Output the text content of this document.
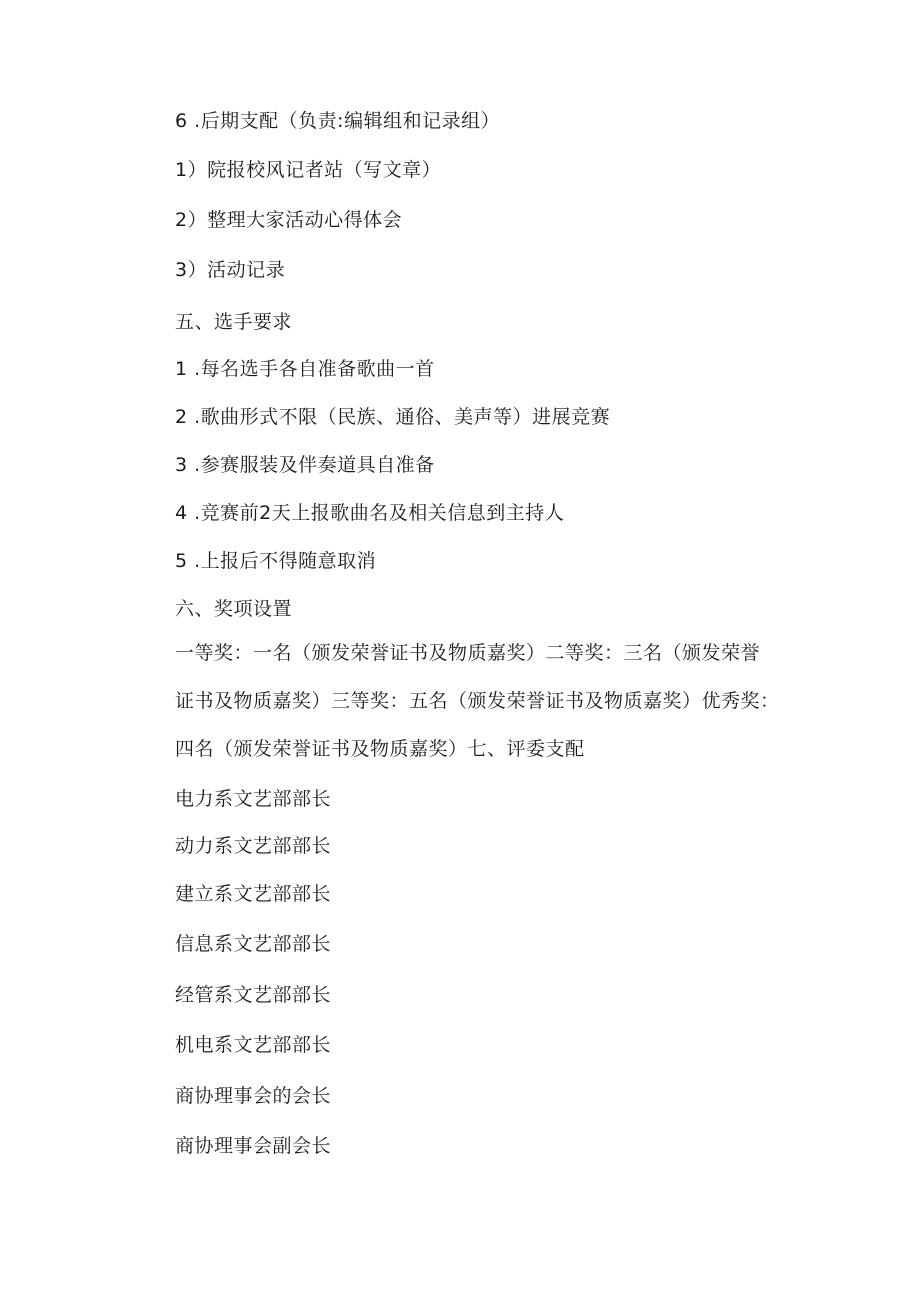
6 .后期支配（负责:编辑组和记录组）
1）院报校风记者站（写文章）
2）整理大家活动心得体会
3）活动记录
五、选手要求
1 .每名选手各自准备歌曲一首
2 .歌曲形式不限（民族、通俗、美声等）进展竞赛
3 .参赛服装及伴奏道具自准备
4 .竞赛前2天上报歌曲名及相关信息到主持人
5 .上报后不得随意取消
六、奖项设置
一等奖：一名（颁发荣誉证书及物质嘉奖）二等奖：三名（颁发荣誉
证书及物质嘉奖）三等奖：五名（颁发荣誉证书及物质嘉奖）优秀奖：
四名（颁发荣誉证书及物质嘉奖）七、评委支配
电力系文艺部部长
动力系文艺部部长
建立系文艺部部长
信息系文艺部部长
经管系文艺部部长
机电系文艺部部长
商协理事会的会长
商协理事会副会长
